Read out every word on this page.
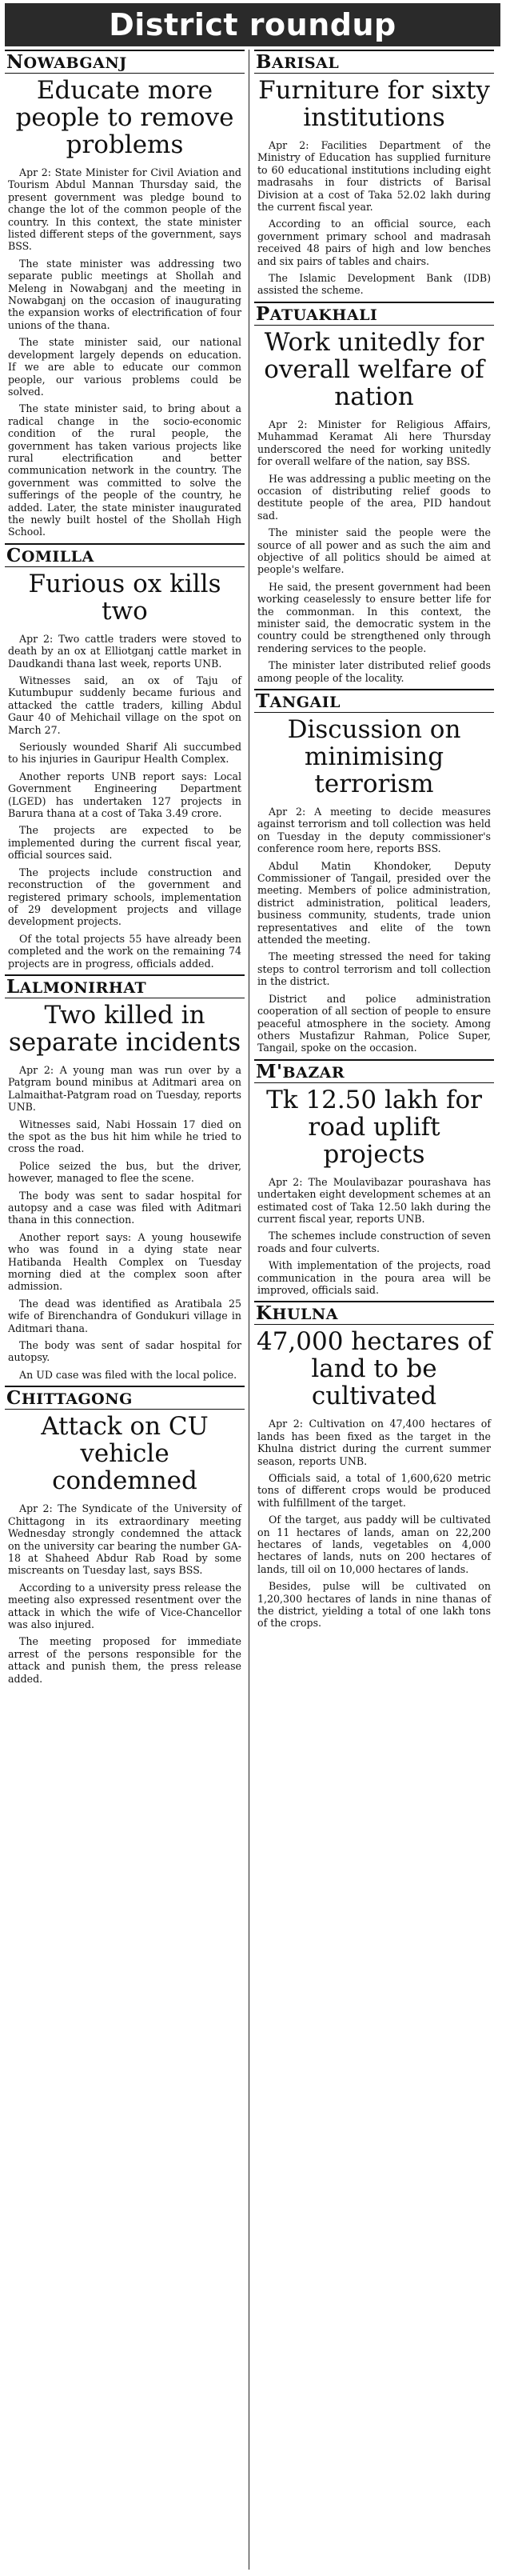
District roundup
NOWABGANJ
Educate more people to remove problems

Apr 2: State Minister for Civil Aviation and Tourism Abdul Mannan Thursday said, the present government was pledge bound to change the lot of the common people of the country. In this context, the state minister listed different steps of the government, says BSS.

The state minister was addressing two separate public meetings at Shollah and Meleng in Nowabganj and the meeting in Nowabganj on the occasion of inaugurating the expansion works of electrification of four unions of the thana.

The state minister said, our national development largely depends on education. If we are able to educate our common people, our various problems could be solved.

The state minister said, to bring about a radical change in the socio-economic condition of the rural people, the government has taken various projects like rural electrification and better communication network in the country. The government was committed to solve the sufferings of the people of the country, he added. Later, the state minister inaugurated the newly built hostel of the Shollah High School.

COMILLA
Furious ox kills two

Apr 2: Two cattle traders were stoved to death by an ox at Elliotganj cattle market in Daudkandi thana last week, reports UNB.

Witnesses said, an ox of Taju of Kutumbupur suddenly became furious and attacked the cattle traders, killing Abdul Gaur 40 of Mehichail village on the spot on March 27.

Seriously wounded Sharif Ali succumbed to his injuries in Gauripur Health Complex.

Another reports UNB report says: Local Government Engineering Department (LGED) has undertaken 127 projects in Barura thana at a cost of Taka 3.49 crore.

The projects are expected to be implemented during the current fiscal year, official sources said.

The projects include construction and reconstruction of the government and registered primary schools, implementation of 29 development projects and village development projects.

Of the total projects 55 have already been completed and the work on the remaining 74 projects are in progress, officials added.

LALMONIRHAT
Two killed in separate incidents

Apr 2: A young man was run over by a Patgram bound minibus at Aditmari area on Lalmaithat-Patgram road on Tuesday, reports UNB.

Witnesses said, Nabi Hossain 17 died on the spot as the bus hit him while he tried to cross the road.

Police seized the bus, but the driver, however, managed to flee the scene.

The body was sent to sadar hospital for autopsy and a case was filed with Aditmari thana in this connection.

Another report says: A young housewife who was found in a dying state near Hatibanda Health Complex on Tuesday morning died at the complex soon after admission.

The dead was identified as Aratibala 25 wife of Birenchandra of Gondukuri village in Aditmari thana.

The body was sent of sadar hospital for autopsy.

An UD case was filed with the local police.

CHITTAGONG
Attack on CU vehicle condemned

Apr 2: The Syndicate of the University of Chittagong in its extraordinary meeting Wednesday strongly condemned the attack on the university car bearing the number GA-18 at Shaheed Abdur Rab Road by some miscreants on Tuesday last, says BSS.

According to a university press release the meeting also expressed resentment over the attack in which the wife of Vice-Chancellor was also injured.

The meeting proposed for immediate arrest of the persons responsible for the attack and punish them, the press release added.

BARISAL
Furniture for sixty institutions

Apr 2: Facilities Department of the Ministry of Education has supplied furniture to 60 educational institutions including eight madrasahs in four districts of Barisal Division at a cost of Taka 52.02 lakh during the current fiscal year.

According to an official source, each government primary school and madrasah received 48 pairs of high and low benches and six pairs of tables and chairs.

The Islamic Development Bank (IDB) assisted the scheme.

PATUAKHALI
Work unitedly for overall welfare of nation

Apr 2: Minister for Religious Affairs, Muhammad Keramat Ali here Thursday underscored the need for working unitedly for overall welfare of the nation, say BSS.

He was addressing a public meeting on the occasion of distributing relief goods to destitute people of the area, PID handout sad.

The minister said the people were the source of all power and as such the aim and objective of all politics should be aimed at people's welfare.

He said, the present government had been working ceaselessly to ensure better life for the commonman. In this context, the minister said, the democratic system in the country could be strengthened only through rendering services to the people.

The minister later distributed relief goods among people of the locality.

TANGAIL
Discussion on minimising terrorism

Apr 2: A meeting to decide measures against terrorism and toll collection was held on Tuesday in the deputy commissioner's conference room here, reports BSS.

Abdul Matin Khondoker, Deputy Commissioner of Tangail, presided over the meeting. Members of police administration, district administration, political leaders, business community, students, trade union representatives and elite of the town attended the meeting.

The meeting stressed the need for taking steps to control terrorism and toll collection in the district.

District and police administration cooperation of all section of people to ensure peaceful atmosphere in the society. Among others Mustafizur Rahman, Police Super, Tangail, spoke on the occasion.

M'BAZAR
Tk 12.50 lakh for road uplift projects

Apr 2: The Moulavibazar pourashava has undertaken eight development schemes at an estimated cost of Taka 12.50 lakh during the current fiscal year, reports UNB.

The schemes include construction of seven roads and four culverts.

With implementation of the projects, road communication in the poura area will be improved, officials said.

KHULNA
47,000 hectares of land to be cultivated

Apr 2: Cultivation on 47,400 hectares of lands has been fixed as the target in the Khulna district during the current summer season, reports UNB.

Officials said, a total of 1,600,620 metric tons of different crops would be produced with fulfillment of the target.

Of the target, aus paddy will be cultivated on 11 hectares of lands, aman on 22,200 hectares of lands, vegetables on 4,000 hectares of lands, nuts on 200 hectares of lands, till oil on 10,000 hectares of lands.

Besides, pulse will be cultivated on 1,20,300 hectares of lands in nine thanas of the district, yielding a total of one lakh tons of the crops.
